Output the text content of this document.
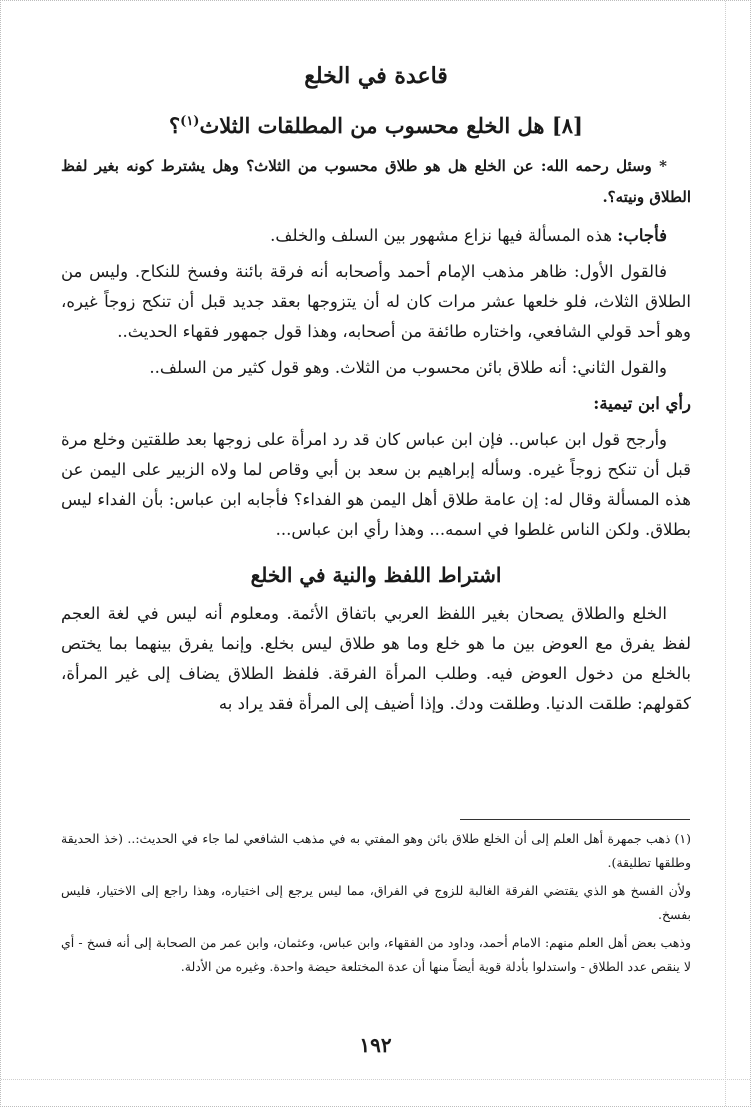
قاعدة في الخلع
[٨] هل الخلع محسوب من المطلقات الثلاث$^{(١)}$؟
* وسئل رحمه الله: عن الخلع هل هو طلاق محسوب من الثلاث؟ وهل يشترط كونه بغير لفظ الطلاق ونيته؟.

فأجاب: هذه المسألة فيها نزاع مشهور بين السلف والخلف.

فالقول الأول: ظاهر مذهب الإمام أحمد وأصحابه أنه فرقة بائنة وفسخ للنكاح. وليس من الطلاق الثلاث، فلو خلعها عشر مرات كان له أن يتزوجها بعقد جديد قبل أن تنكح زوجاً غيره، وهو أحد قولي الشافعي، واختاره طائفة من أصحابه، وهذا قول جمهور فقهاء الحديث..

والقول الثاني: أنه طلاق بائن محسوب من الثلاث. وهو قول كثير من السلف..

رأي ابن تيمية:

وأرجح قول ابن عباس.. فإن ابن عباس كان قد رد امرأة على زوجها بعد طلقتين وخلع مرة قبل أن تنكح زوجاً غيره. وسأله إبراهيم بن سعد بن أبي وقاص لما ولاه الزبير على اليمن عن هذه المسألة وقال له: إن عامة طلاق أهل اليمن هو الفداء؟ فأجابه ابن عباس: بأن الفداء ليس بطلاق. ولكن الناس غلطوا في اسمه... وهذا رأي ابن عباس...

اشتراط اللفظ والنية في الخلع

الخلع والطلاق يصحان بغير اللفظ العربي باتفاق الأئمة. ومعلوم أنه ليس في لغة العجم لفظ يفرق مع العوض بين ما هو خلع وما هو طلاق ليس بخلع. وإنما يفرق بينهما بما يختص بالخلع من دخول العوض فيه. وطلب المرأة الفرقة. فلفظ الطلاق يضاف إلى غير المرأة، كقولهم: طلقت الدنيا. وطلقت ودك. وإذا أضيف إلى المرأة فقد يراد به

(١)ذهب جمهرة أهل العلم إلى أن الخلع طلاق بائن وهو المفتي به في مذهب الشافعي لما جاء في الحديث:.. (خذ الحديقة وطلقها تطليقة).

ولأن الفسخ هو الذي يقتضي الفرقة الغالبة للزوج في الفراق، مما ليس يرجع إلى اختياره، وهذا راجع إلى الاختيار، فليس بفسخ.

وذهب بعض أهل العلم منهم: الامام أحمد، وداود من الفقهاء، وابن عباس، وعثمان، وابن عمر من الصحابة إلى أنه فسخ - أي لا ينقص عدد الطلاق - واستدلوا بأدلة قوية أيضاً منها أن عدة المختلعة حيضة واحدة. وغيره من الأدلة.

١٩٢
